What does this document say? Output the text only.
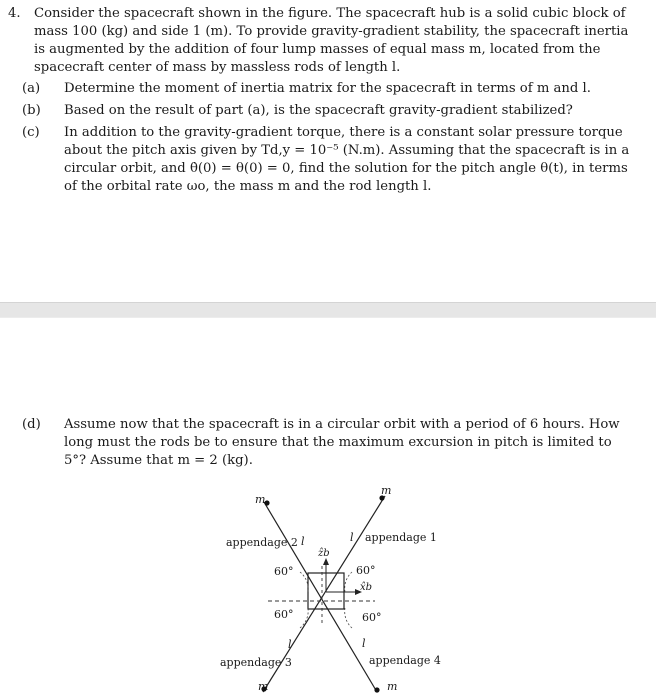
4. Consider the spacecraft shown in the figure. The spacecraft hub is a solid cubic block of mass 100 (kg) and side 1 (m). To provide gravity-gradient stability, the spacecraft inertia is augmented by the addition of four lump masses of equal mass m, located from the spacecraft center of mass by massless rods of length l.
(a)	Determine the moment of inertia matrix for the spacecraft in terms of m and l.
(b)	Based on the result of part (a), is the spacecraft gravity-gradient stabilized?
(c)	In addition to the gravity-gradient torque, there is a constant solar pressure torque about the pitch axis given by Td,y = 10⁻⁵ (N.m). Assuming that the spacecraft is in a circular orbit, and θ̇(0) = θ(0) = 0, find the solution for the pitch angle θ(t), in terms of the orbital rate ωo, the mass m and the rod length l.
(d)	Assume now that the spacecraft is in a circular orbit with a period of 6 hours. How long must the rods be to ensure that the maximum excursion in pitch is limited to 5°? Assume that m = 2 (kg).
m
m
m	m
appendage 2	appendage 1
appendage 3	appendage 4
l	l
l	l
60°	60°
60°	60°
ẑb
x̂b
